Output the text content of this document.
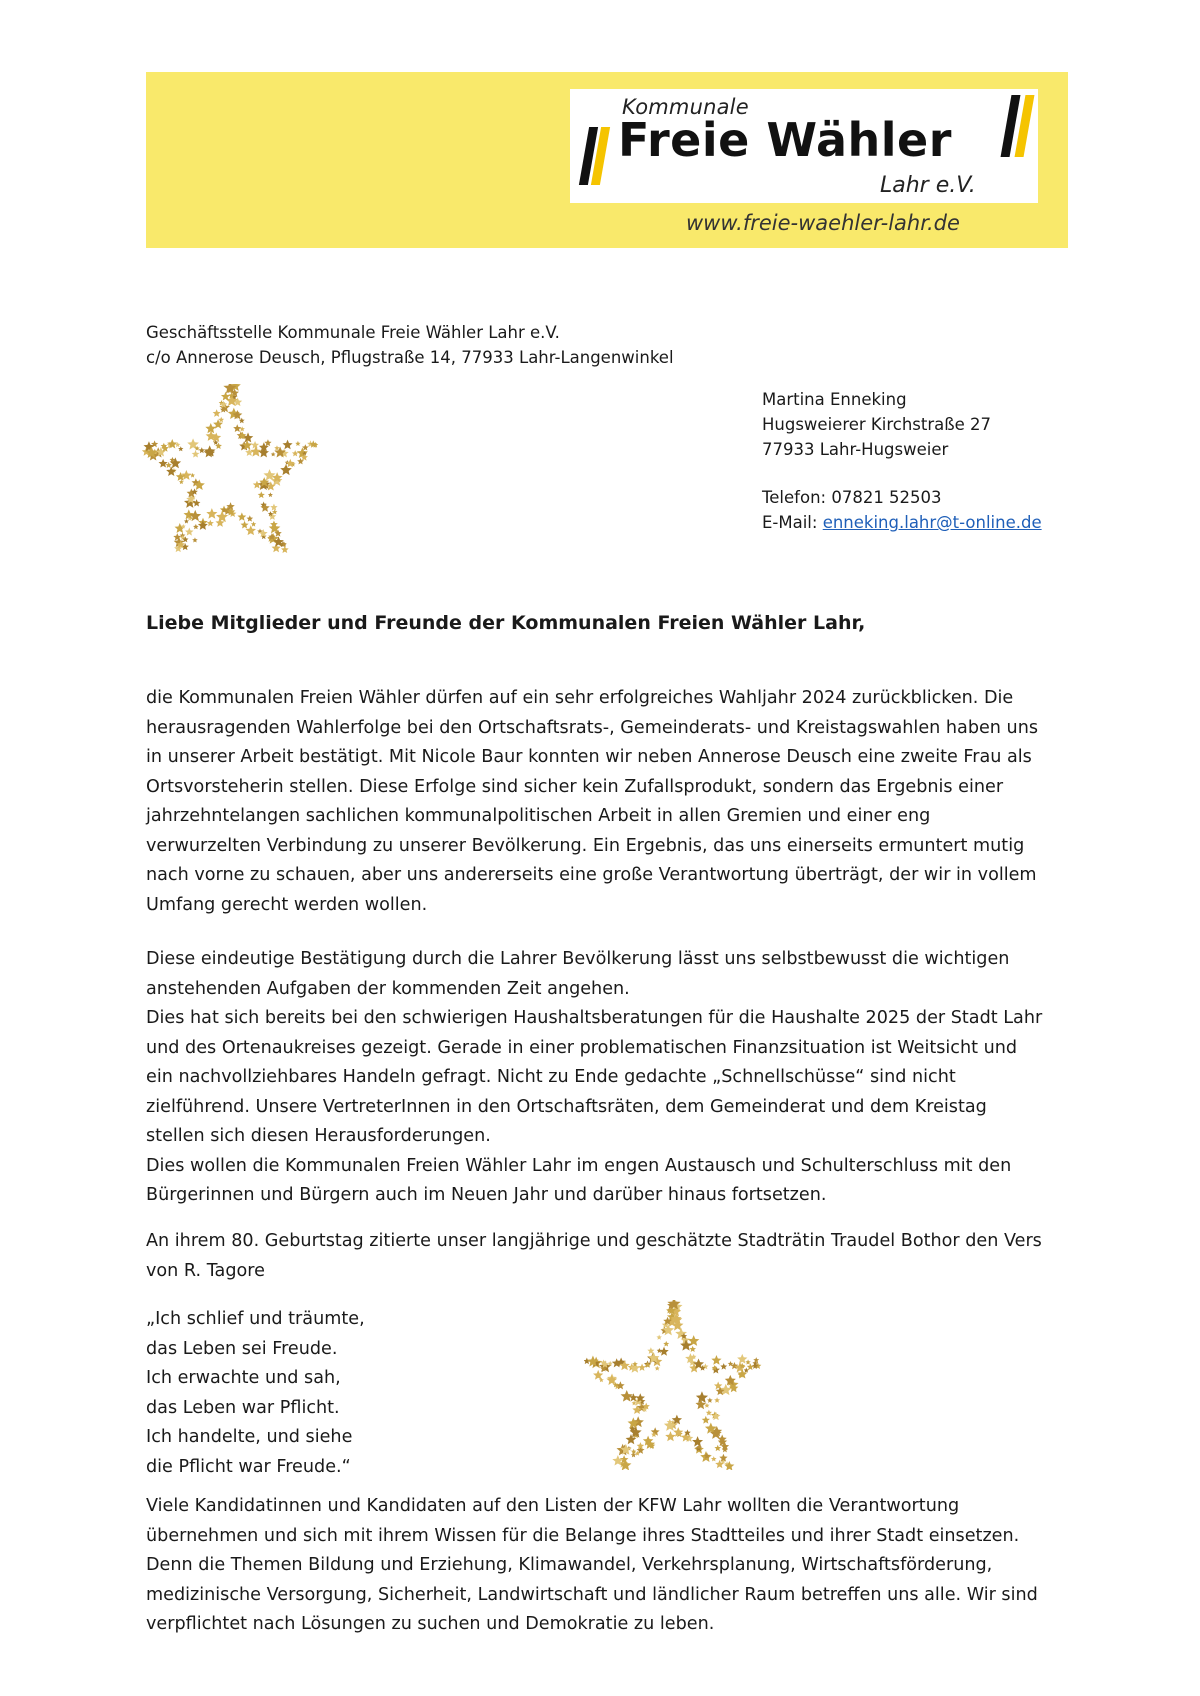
Kommunale
Freie Wähler
Lahr e.V.
www.freie-waehler-lahr.de
Geschäftsstelle Kommunale Freie Wähler Lahr e.V.
c/o Annerose Deusch, Pflugstraße 14, 77933 Lahr-Langenwinkel
Martina Enneking
Hugsweierer Kirchstraße 27
77933 Lahr-Hugsweier
Telefon: 07821 52503
E-Mail: enneking.lahr@t-online.de
Liebe Mitglieder und Freunde der Kommunalen Freien Wähler Lahr,
die Kommunalen Freien Wähler dürfen auf ein sehr erfolgreiches Wahljahr 2024 zurückblicken. Die
herausragenden Wahlerfolge bei den Ortschaftsrats-, Gemeinderats- und Kreistagswahlen haben uns
in unserer Arbeit bestätigt. Mit Nicole Baur konnten wir neben Annerose Deusch eine zweite Frau als
Ortsvorsteherin stellen. Diese Erfolge sind sicher kein Zufallsprodukt, sondern das Ergebnis einer
jahrzehntelangen sachlichen kommunalpolitischen Arbeit in allen Gremien und einer eng
verwurzelten Verbindung zu unserer Bevölkerung. Ein Ergebnis, das uns einerseits ermuntert mutig
nach vorne zu schauen, aber uns andererseits eine große Verantwortung überträgt, der wir in vollem
Umfang gerecht werden wollen.
Diese eindeutige Bestätigung durch die Lahrer Bevölkerung lässt uns selbstbewusst die wichtigen
anstehenden Aufgaben der kommenden Zeit angehen.
Dies hat sich bereits bei den schwierigen Haushaltsberatungen für die Haushalte 2025 der Stadt Lahr
und des Ortenaukreises gezeigt. Gerade in einer problematischen Finanzsituation ist Weitsicht und
ein nachvollziehbares Handeln gefragt. Nicht zu Ende gedachte „Schnellschüsse“ sind nicht
zielführend. Unsere VertreterInnen in den Ortschaftsräten, dem Gemeinderat und dem Kreistag
stellen sich diesen Herausforderungen.
Dies wollen die Kommunalen Freien Wähler Lahr im engen Austausch und Schulterschluss mit den
Bürgerinnen und Bürgern auch im Neuen Jahr und darüber hinaus fortsetzen.
An ihrem 80. Geburtstag zitierte unser langjährige und geschätzte Stadträtin Traudel Bothor den Vers
von R. Tagore
„Ich schlief und träumte,
das Leben sei Freude.
Ich erwachte und sah,
das Leben war Pflicht.
Ich handelte, und siehe
die Pflicht war Freude.“
Viele Kandidatinnen und Kandidaten auf den Listen der KFW Lahr wollten die Verantwortung
übernehmen und sich mit ihrem Wissen für die Belange ihres Stadtteiles und ihrer Stadt einsetzen.
Denn die Themen Bildung und Erziehung, Klimawandel, Verkehrsplanung, Wirtschaftsförderung,
medizinische Versorgung, Sicherheit, Landwirtschaft und ländlicher Raum betreffen uns alle. Wir sind
verpflichtet nach Lösungen zu suchen und Demokratie zu leben.
